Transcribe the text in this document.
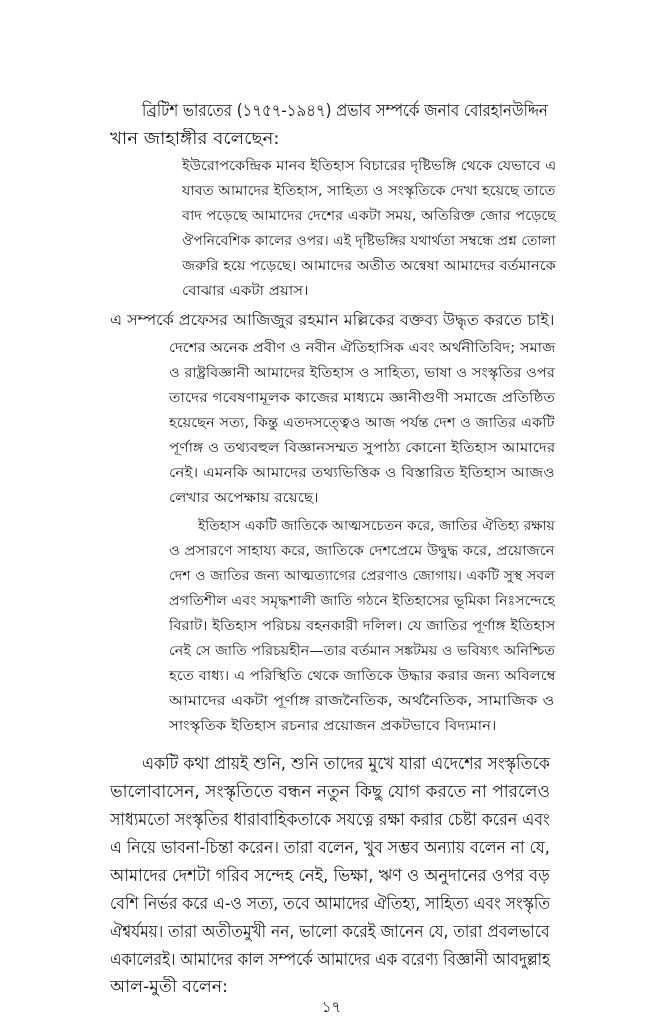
ব্রিটিশ ভারতের (১৭৫৭-১৯৪৭) প্রভাব সম্পর্কে জনাব বোরহানউদ্দিন

খান জাহাঙ্গীর বলেছেন:

ইউরোপকেন্দ্রিক মানব ইতিহাস বিচারের দৃষ্টিভঙ্গি থেকে যেভাবে এ

যাবত আমাদের ইতিহাস, সাহিত্য ও সংস্কৃতিকে দেখা হয়েছে তাতে

বাদ পড়েছে আমাদের দেশের একটা সময়, অতিরিক্ত জোর পড়েছে

ঔপনিবেশিক কালের ওপর। এই দৃষ্টিভঙ্গির যথার্থতা সম্বন্ধে প্রশ্ন তোলা

জরুরি হয়ে পড়েছে। আমাদের অতীত অন্বেষা আমাদের বর্তমানকে

বোঝার একটা প্রয়াস।

এ সম্পর্কে প্রফেসর আজিজুর রহমান মল্লিকের বক্তব্য উদ্ধৃত করতে চাই।

দেশের অনেক প্রবীণ ও নবীন ঐতিহাসিক এবং অর্থনীতিবিদ; সমাজ

ও রাষ্ট্রবিজ্ঞানী আমাদের ইতিহাস ও সাহিত্য, ভাষা ও সংস্কৃতির ওপর

তাদের গবেষণামূলক কাজের মাধ্যমে জ্ঞানীগুণী সমাজে প্রতিষ্ঠিত

হয়েছেন সত্য, কিন্তু এতদসত্ত্বেও আজ পর্যন্ত দেশ ও জাতির একটি

পূর্ণাঙ্গ ও তথ্যবহুল বিজ্ঞানসম্মত সুপাঠ্য কোনো ইতিহাস আমাদের

নেই। এমনকি আমাদের তথ্যভিত্তিক ও বিস্তারিত ইতিহাস আজও

লেখার অপেক্ষায় রয়েছে।

ইতিহাস একটি জাতিকে আত্মসচেতন করে, জাতির ঐতিহ্য রক্ষায়

ও প্রসারণে সাহায্য করে, জাতিকে দেশপ্রেমে উদ্বুদ্ধ করে, প্রয়োজনে

দেশ ও জাতির জন্য আত্মত্যাগের প্রেরণাও জোগায়। একটি সুস্থ সবল

প্রগতিশীল এবং সমৃদ্ধশালী জাতি গঠনে ইতিহাসের ভূমিকা নিঃসন্দেহে

বিরাট। ইতিহাস পরিচয় বহনকারী দলিল। যে জাতির পূর্ণাঙ্গ ইতিহাস

নেই সে জাতি পরিচয়হীন—তার বর্তমান সঙ্কটময় ও ভবিষ্যৎ অনিশ্চিত

হতে বাধ্য। এ পরিস্থিতি থেকে জাতিকে উদ্ধার করার জন্য অবিলম্বে

আমাদের একটা পূর্ণাঙ্গ রাজনৈতিক, অর্থনৈতিক, সামাজিক ও

সাংস্কৃতিক ইতিহাস রচনার প্রয়োজন প্রকটভাবে বিদ্যমান।

একটি কথা প্রায়ই শুনি, শুনি তাদের মুখে যারা এদেশের সংস্কৃতিকে

ভালোবাসেন, সংস্কৃতিতে বন্ধন নতুন কিছু যোগ করতে না পারলেও

সাধ্যমতো সংস্কৃতির ধারাবাহিকতাকে সযত্নে রক্ষা করার চেষ্টা করেন এবং

এ নিয়ে ভাবনা-চিন্তা করেন। তারা বলেন, খুব সম্ভব অন্যায় বলেন না যে,

আমাদের দেশটা গরিব সন্দেহ নেই, ভিক্ষা, ঋণ ও অনুদানের ওপর বড়

বেশি নির্ভর করে এ-ও সত্য, তবে আমাদের ঐতিহ্য, সাহিত্য এবং সংস্কৃতি

ঐশ্বর্যময়। তারা অতীতমুখী নন, ভালো করেই জানেন যে, তারা প্রবলভাবে

একালেরই। আমাদের কাল সম্পর্কে আমাদের এক বরেণ্য বিজ্ঞানী আবদুল্লাহ

আল-মুতী বলেন:

১৭
